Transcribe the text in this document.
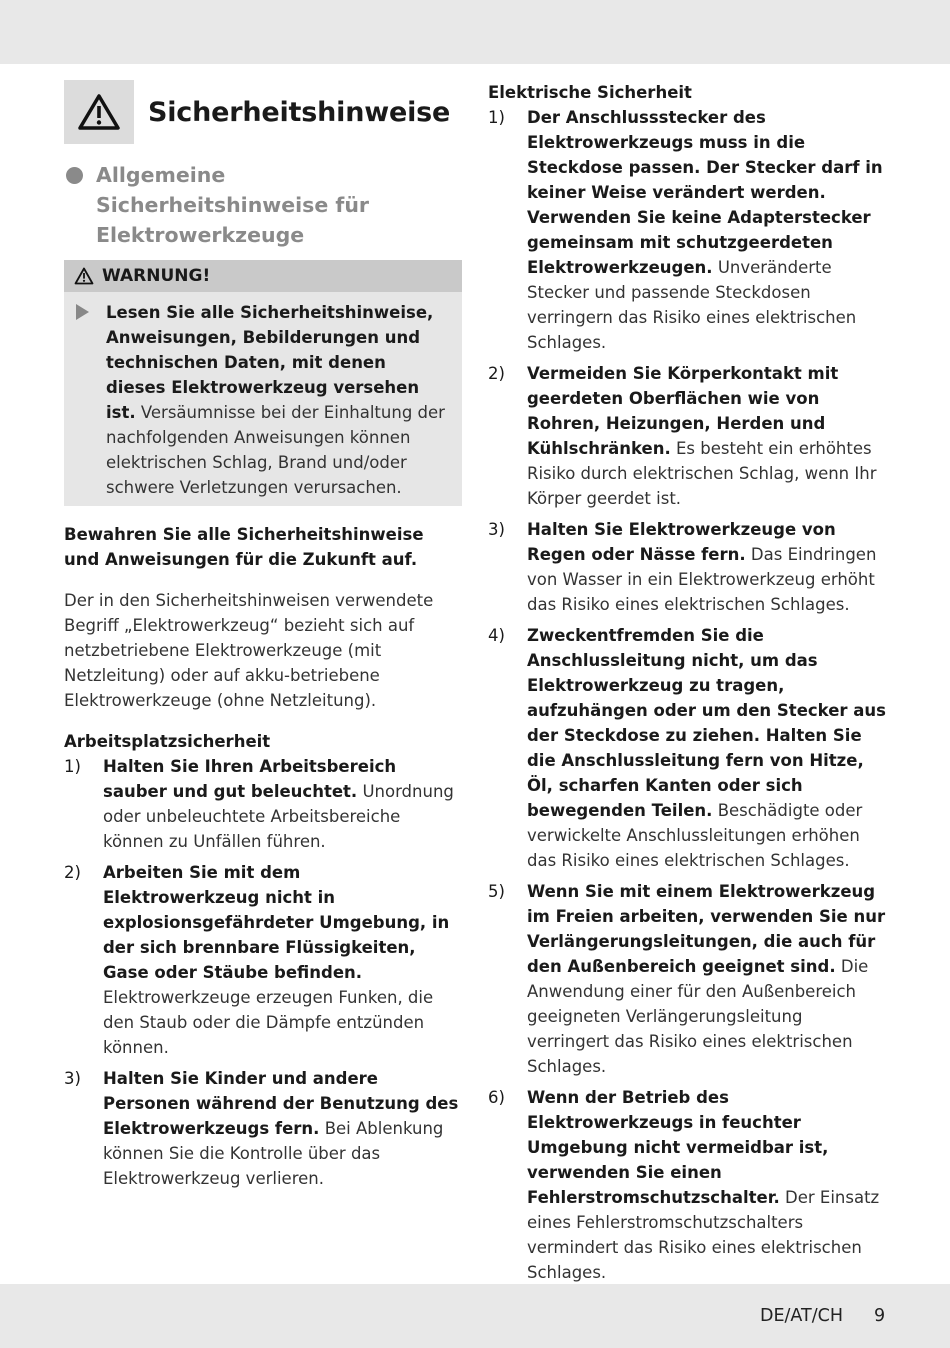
Sicherheitshinweise
Allgemeine Sicherheitshinweise für Elektrowerkzeuge
WARNUNG!
Lesen Sie alle Sicherheitshinweise, Anweisungen, Bebilderungen und technischen Daten, mit denen dieses Elektrowerkzeug versehen ist. Versäumnisse bei der Einhaltung der nachfolgenden Anweisungen können elektrischen Schlag, Brand und/oder schwere Verletzungen verursachen.
Bewahren Sie alle Sicherheitshinweise und Anweisungen für die Zukunft auf.
Der in den Sicherheitshinweisen verwendete Begriff „Elektrowerkzeug“ bezieht sich auf netzbetriebene Elektrowerkzeuge (mit Netzleitung) oder auf akku-betriebene Elektrowerkzeuge (ohne Netzleitung).
Arbeitsplatzsicherheit
1) Halten Sie Ihren Arbeitsbereich sauber und gut beleuchtet. Unordnung oder unbeleuchtete Arbeitsbereiche können zu Unfällen führen.
2) Arbeiten Sie mit dem Elektrowerkzeug nicht in explosionsgefährdeter Umgebung, in der sich brennbare Flüssigkeiten, Gase oder Stäube befinden. Elektrowerkzeuge erzeugen Funken, die den Staub oder die Dämpfe entzünden können.
3) Halten Sie Kinder und andere Personen während der Benutzung des Elektrowerkzeugs fern. Bei Ablenkung können Sie die Kontrolle über das Elektrowerkzeug verlieren.
Elektrische Sicherheit
1) Der Anschlussstecker des Elektrowerkzeugs muss in die Steckdose passen. Der Stecker darf in keiner Weise verändert werden. Verwenden Sie keine Adapterstecker gemeinsam mit schutzgeerdeten Elektrowerkzeugen. Unveränderte Stecker und passende Steckdosen verringern das Risiko eines elektrischen Schlages.
2) Vermeiden Sie Körperkontakt mit geerdeten Oberflächen wie von Rohren, Heizungen, Herden und Kühlschränken. Es besteht ein erhöhtes Risiko durch elektrischen Schlag, wenn Ihr Körper geerdet ist.
3) Halten Sie Elektrowerkzeuge von Regen oder Nässe fern. Das Eindringen von Wasser in ein Elektrowerkzeug erhöht das Risiko eines elektrischen Schlages.
4) Zweckentfremden Sie die Anschlussleitung nicht, um das Elektrowerkzeug zu tragen, aufzuhängen oder um den Stecker aus der Steckdose zu ziehen. Halten Sie die Anschlussleitung fern von Hitze, Öl, scharfen Kanten oder sich bewegenden Teilen. Beschädigte oder verwickelte Anschlussleitungen erhöhen das Risiko eines elektrischen Schlages.
5) Wenn Sie mit einem Elektrowerkzeug im Freien arbeiten, verwenden Sie nur Verlängerungsleitungen, die auch für den Außenbereich geeignet sind. Die Anwendung einer für den Außenbereich geeigneten Verlängerungsleitung verringert das Risiko eines elektrischen Schlages.
6) Wenn der Betrieb des Elektrowerkzeugs in feuchter Umgebung nicht vermeidbar ist, verwenden Sie einen Fehlerstromschutzschalter. Der Einsatz eines Fehlerstromschutzschalters vermindert das Risiko eines elektrischen Schlages.
DE/AT/CH 9
